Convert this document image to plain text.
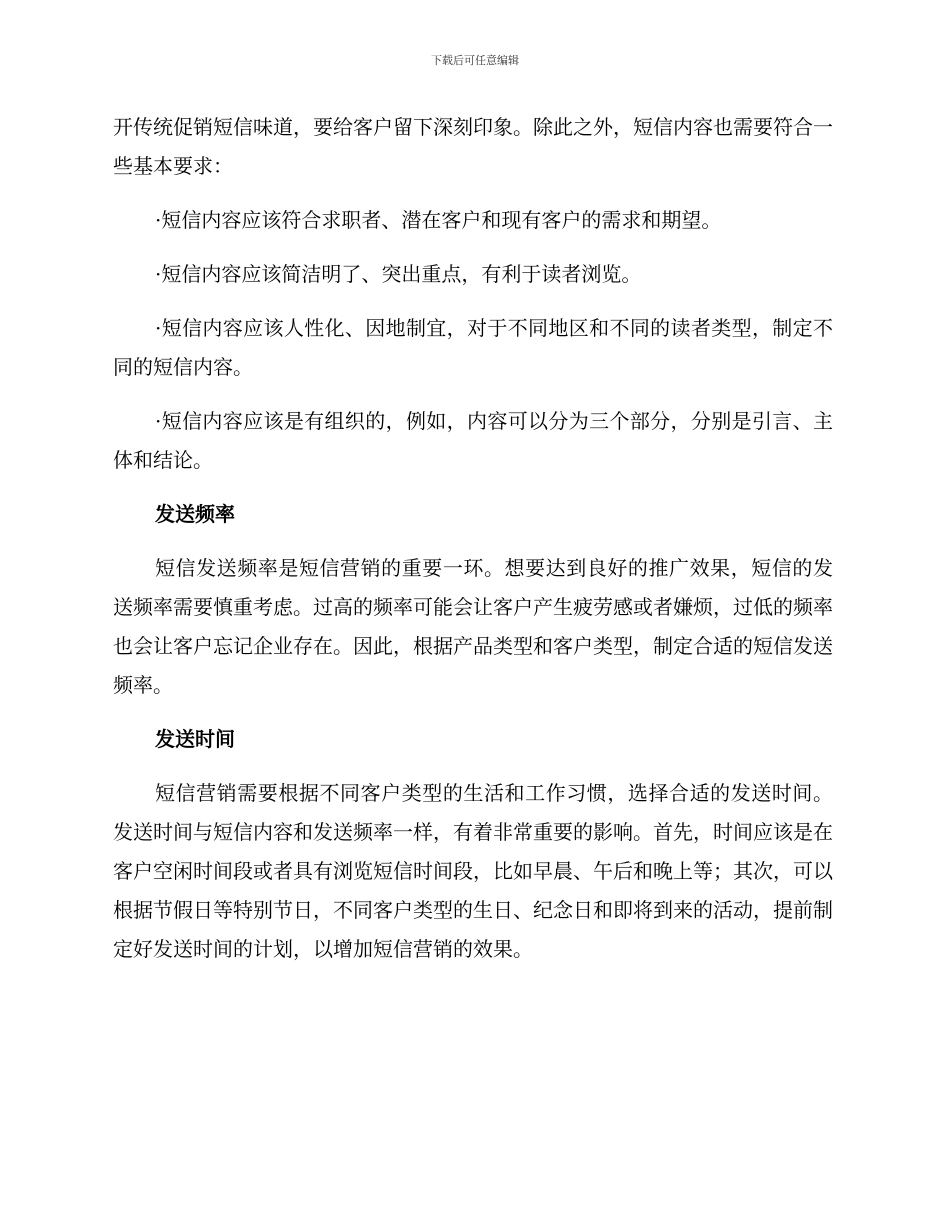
下载后可任意编辑

开传统促销短信味道，要给客户留下深刻印象。除此之外，短信内容也需要符合一些基本要求：

·短信内容应该符合求职者、潜在客户和现有客户的需求和期望。

·短信内容应该简洁明了、突出重点，有利于读者浏览。

·短信内容应该人性化、因地制宜，对于不同地区和不同的读者类型，制定不同的短信内容。

·短信内容应该是有组织的，例如，内容可以分为三个部分，分别是引言、主体和结论。

发送频率

短信发送频率是短信营销的重要一环。想要达到良好的推广效果，短信的发送频率需要慎重考虑。过高的频率可能会让客户产生疲劳感或者嫌烦，过低的频率也会让客户忘记企业存在。因此，根据产品类型和客户类型，制定合适的短信发送频率。

发送时间

短信营销需要根据不同客户类型的生活和工作习惯，选择合适的发送时间。发送时间与短信内容和发送频率一样，有着非常重要的影响。首先，时间应该是在客户空闲时间段或者具有浏览短信时间段，比如早晨、午后和晚上等；其次，可以根据节假日等特别节日，不同客户类型的生日、纪念日和即将到来的活动，提前制定好发送时间的计划，以增加短信营销的效果。
